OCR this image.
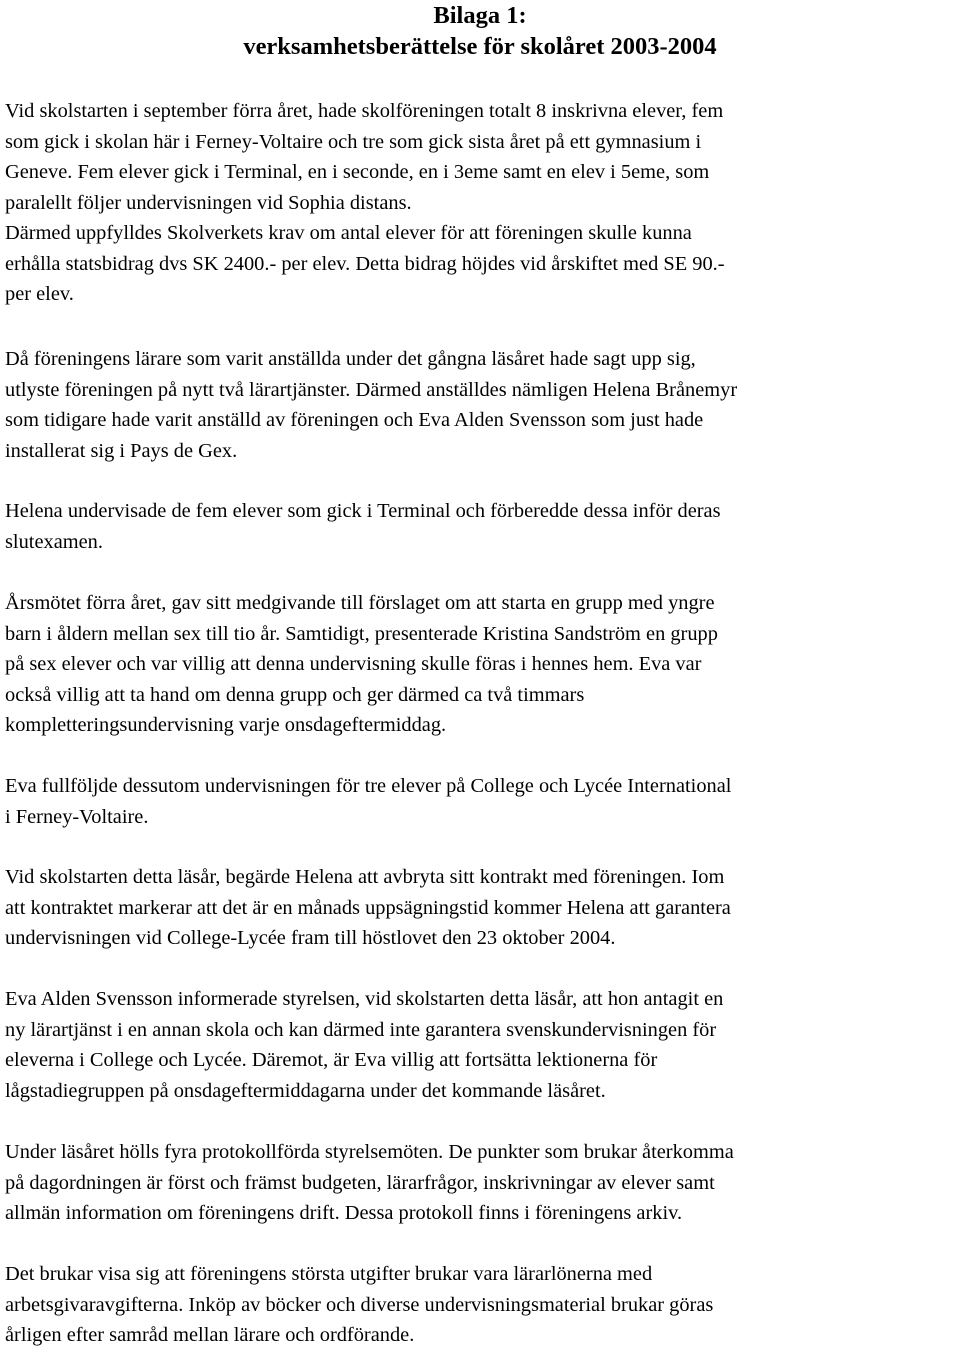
Bilaga 1:
verksamhetsberättelse för skolåret 2003-2004

Vid skolstarten i september förra året, hade skolföreningen totalt 8 inskrivna elever, fem
som gick i skolan här i Ferney-Voltaire och tre som gick sista året på ett gymnasium i
Geneve. Fem elever gick i Terminal, en i seconde, en i 3eme samt en elev i 5eme, som
paralellt följer undervisningen vid Sophia distans.
Därmed uppfylldes Skolverkets krav om antal elever för att föreningen skulle kunna
erhålla statsbidrag dvs SK 2400.- per elev. Detta bidrag höjdes vid årskiftet med SE 90.-
per elev.

Då föreningens lärare som varit anställda under det gångna läsåret hade sagt upp sig,
utlyste föreningen på nytt två lärartjänster. Därmed anställdes nämligen Helena Brånemyr
som tidigare hade varit anställd av föreningen och Eva Alden Svensson som just hade
installerat sig i Pays de Gex.

Helena undervisade de fem elever som gick i Terminal och förberedde dessa inför deras
slutexamen.

Årsmötet förra året, gav sitt medgivande till förslaget om att starta en grupp med yngre
barn i åldern mellan sex till tio år. Samtidigt, presenterade Kristina Sandström en grupp
på sex elever och var villig att denna undervisning skulle föras i hennes hem. Eva var
också villig att ta hand om denna grupp och ger därmed ca två timmars
kompletteringsundervisning varje onsdageftermiddag.

Eva fullföljde dessutom undervisningen för tre elever på College och Lycée International
i Ferney-Voltaire.

Vid skolstarten detta läsår, begärde Helena att avbryta sitt kontrakt med föreningen. Iom
att kontraktet markerar att det är en månads uppsägningstid kommer Helena att garantera
undervisningen vid College-Lycée fram till höstlovet den 23 oktober 2004.

Eva Alden Svensson informerade styrelsen, vid skolstarten detta läsår, att hon antagit en
ny lärartjänst i en annan skola och kan därmed inte garantera svenskundervisningen för
eleverna i College och Lycée. Däremot, är Eva villig att fortsätta lektionerna för
lågstadiegruppen på onsdageftermiddagarna under det kommande läsåret.

Under läsåret hölls fyra protokollförda styrelsemöten. De punkter som brukar återkomma
på dagordningen är först och främst budgeten, lärarfrågor, inskrivningar av elever samt
allmän information om föreningens drift. Dessa protokoll finns i föreningens arkiv.

Det brukar visa sig att föreningens största utgifter brukar vara lärarlönerna med
arbetsgivaravgifterna. Inköp av böcker och diverse undervisningsmaterial brukar göras
årligen efter samråd mellan lärare och ordförande.
